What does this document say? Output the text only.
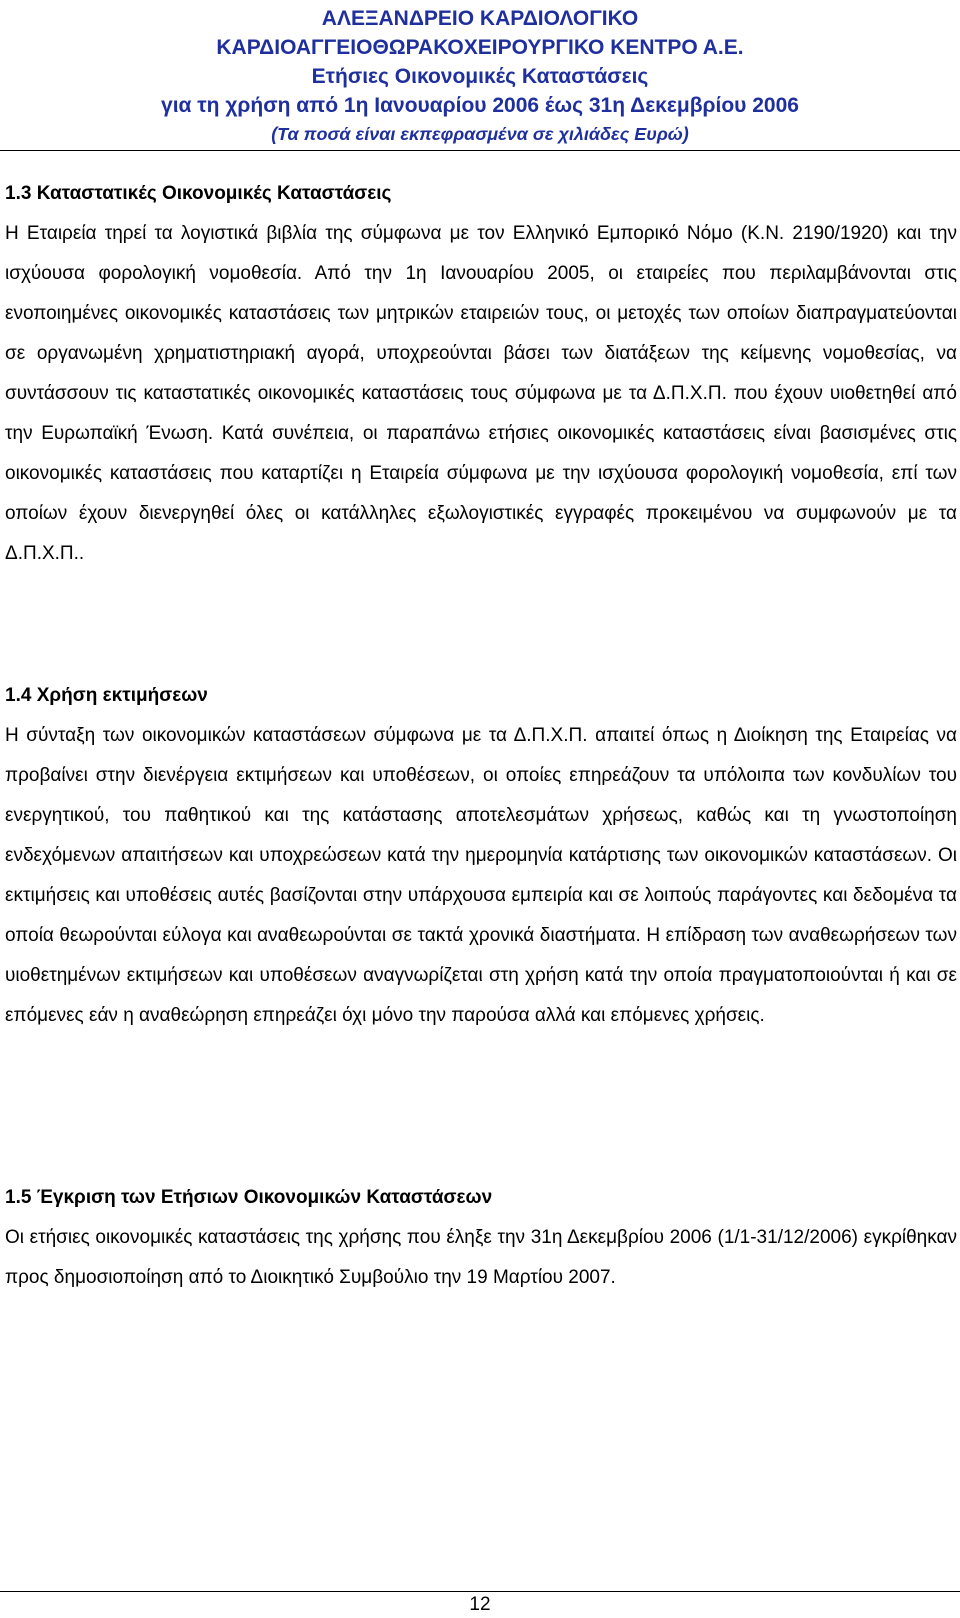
ΑΛΕΞΑΝΔΡΕΙΟ ΚΑΡΔΙΟΛΟΓΙΚΟ
ΚΑΡΔΙΟΑΓΓΕΙΟΘΩΡΑΚΟΧΕΙΡΟΥΡΓΙΚΟ ΚΕΝΤΡΟ Α.Ε.
Ετήσιες Οικονομικές Καταστάσεις
για τη χρήση από 1η Ιανουαρίου 2006 έως 31η Δεκεμβρίου 2006
(Τα ποσά είναι εκπεφρασμένα σε χιλιάδες Ευρώ)
1.3 Καταστατικές Οικονομικές Καταστάσεις

Η Εταιρεία τηρεί τα λογιστικά βιβλία της σύμφωνα με τον Ελληνικό Εμπορικό Νόμο (Κ.Ν. 2190/1920) και την ισχύουσα φορολογική νομοθεσία. Από την 1η Ιανουαρίου 2005, οι εταιρείες που περιλαμβάνονται στις ενοποιημένες οικονομικές καταστάσεις των μητρικών εταιρειών τους, οι μετοχές των οποίων διαπραγματεύονται σε οργανωμένη χρηματιστηριακή αγορά, υποχρεούνται βάσει των διατάξεων της κείμενης νομοθεσίας, να συντάσσουν τις καταστατικές οικονομικές καταστάσεις τους σύμφωνα με τα Δ.Π.Χ.Π. που έχουν υιοθετηθεί από την Ευρωπαϊκή Ένωση. Κατά συνέπεια, οι παραπάνω ετήσιες οικονομικές καταστάσεις είναι βασισμένες στις οικονομικές καταστάσεις που καταρτίζει η Εταιρεία σύμφωνα με την ισχύουσα φορολογική νομοθεσία, επί των οποίων έχουν διενεργηθεί όλες οι κατάλληλες εξωλογιστικές εγγραφές προκειμένου να συμφωνούν με τα Δ.Π.Χ.Π..

1.4 Χρήση εκτιμήσεων

Η σύνταξη των οικονομικών καταστάσεων σύμφωνα με τα Δ.Π.Χ.Π. απαιτεί όπως η Διοίκηση της Εταιρείας να προβαίνει στην διενέργεια εκτιμήσεων και υποθέσεων, οι οποίες επηρεάζουν τα υπόλοιπα των κονδυλίων του ενεργητικού, του παθητικού και της κατάστασης αποτελεσμάτων χρήσεως, καθώς και τη γνωστοποίηση ενδεχόμενων απαιτήσεων και υποχρεώσεων κατά την ημερομηνία κατάρτισης των οικονομικών καταστάσεων. Οι εκτιμήσεις και υποθέσεις αυτές βασίζονται στην υπάρχουσα εμπειρία και σε λοιπούς παράγοντες και δεδομένα τα οποία θεωρούνται εύλογα και αναθεωρούνται σε τακτά χρονικά διαστήματα. Η επίδραση των αναθεωρήσεων των υιοθετημένων εκτιμήσεων και υποθέσεων αναγνωρίζεται στη χρήση κατά την οποία πραγματοποιούνται ή και σε επόμενες εάν η αναθεώρηση επηρεάζει όχι μόνο την παρούσα αλλά και επόμενες χρήσεις.

1.5 Έγκριση των Ετήσιων Οικονομικών Καταστάσεων

Οι ετήσιες οικονομικές καταστάσεις της χρήσης που έληξε την 31η Δεκεμβρίου 2006 (1/1-31/12/2006) εγκρίθηκαν προς δημοσιοποίηση από το Διοικητικό Συμβούλιο την 19 Μαρτίου 2007.

12
